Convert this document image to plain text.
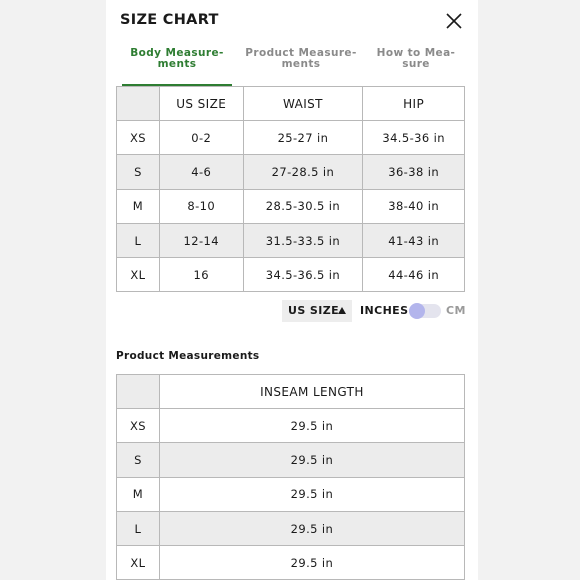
SIZE CHART
Body Measure-
ments
Product Measure-
ments
How to Mea-
sure
	US SIZE	WAIST	HIP
XS	0-2	25-27 in	34.5-36 in
S	4-6	27-28.5 in	36-38 in
M	8-10	28.5-30.5 in	38-40 in
L	12-14	31.5-33.5 in	41-43 in
XL	16	34.5-36.5 in	44-46 in
US SIZE	INCHES	CM
Product Measurements
	INSEAM LENGTH
XS	29.5 in
S	29.5 in
M	29.5 in
L	29.5 in
XL	29.5 in
